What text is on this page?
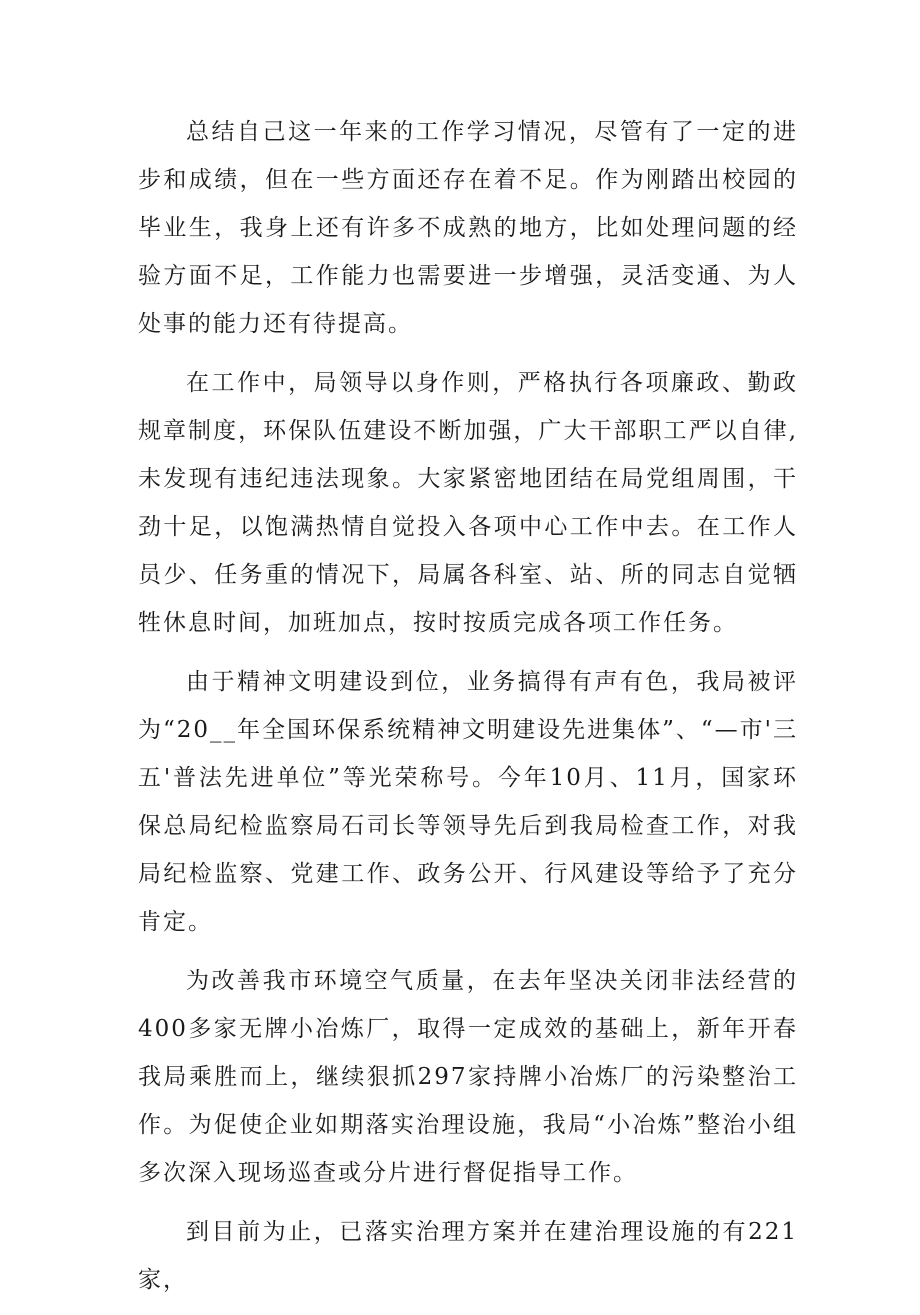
总结自己这一年来的工作学习情况，尽管有了一定的进步和成绩，但在一些方面还存在着不足。作为刚踏出校园的毕业生，我身上还有许多不成熟的地方，比如处理问题的经验方面不足，工作能力也需要进一步增强，灵活变通、为人处事的能力还有待提高。

在工作中，局领导以身作则，严格执行各项廉政、勤政规章制度，环保队伍建设不断加强，广大干部职工严以自律,未发现有违纪违法现象。大家紧密地团结在局党组周围，干劲十足，以饱满热情自觉投入各项中心工作中去。在工作人员少、任务重的情况下，局属各科室、站、所的同志自觉牺牲休息时间，加班加点，按时按质完成各项工作任务。

由于精神文明建设到位，业务搞得有声有色，我局被评为“20__年全国环保系统精神文明建设先进集体”、“—市'三五'普法先进单位”等光荣称号。今年10月、11月，国家环保总局纪检监察局石司长等领导先后到我局检查工作，对我局纪检监察、党建工作、政务公开、行风建设等给予了充分肯定。

为改善我市环境空气质量，在去年坚决关闭非法经营的400多家无牌小冶炼厂，取得一定成效的基础上，新年开春我局乘胜而上，继续狠抓297家持牌小冶炼厂的污染整治工作。为促使企业如期落实治理设施，我局“小冶炼”整治小组多次深入现场巡查或分片进行督促指导工作。

到目前为止，已落实治理方案并在建治理设施的有221家，
